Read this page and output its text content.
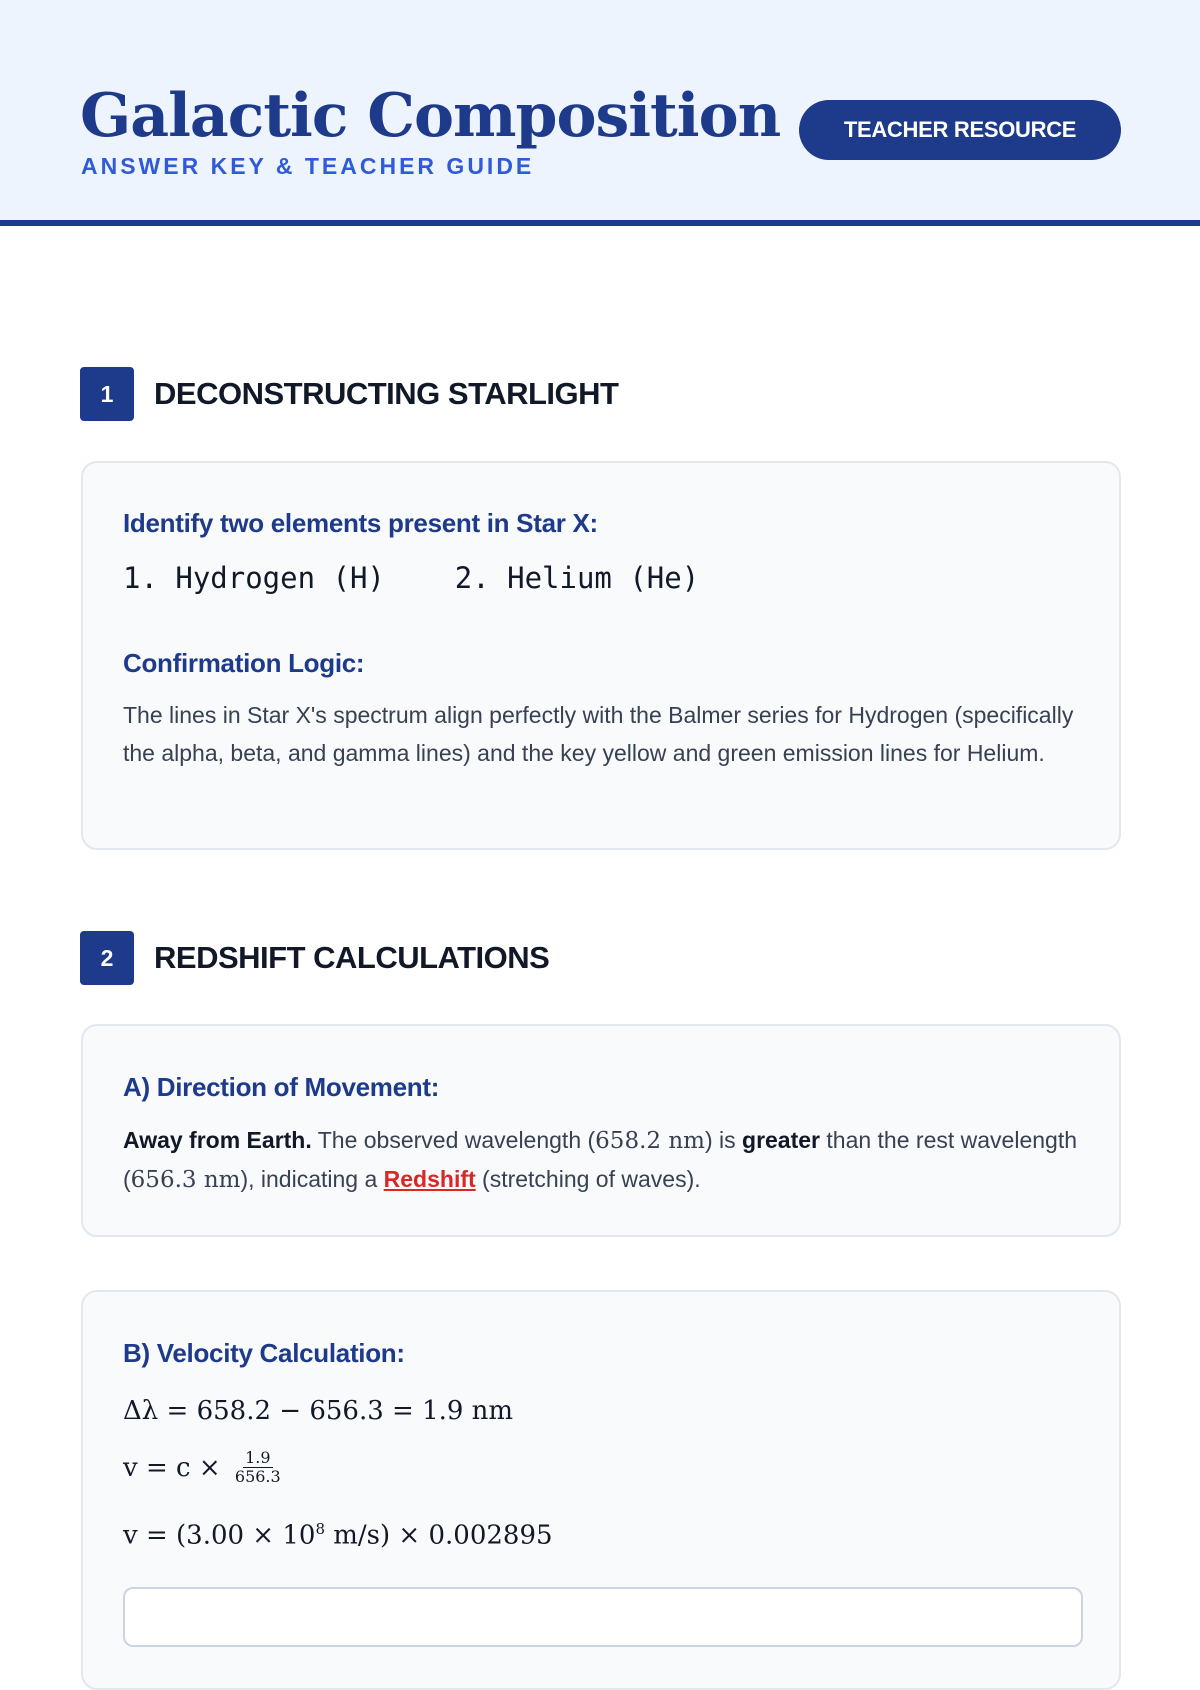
Galactic Composition
ANSWER KEY & TEACHER GUIDE
TEACHER RESOURCE
1	DECONSTRUCTING STARLIGHT

Identify two elements present in Star X:

1. Hydrogen (H) 2. Helium (He)

Confirmation Logic:

The lines in Star X's spectrum align perfectly with the Balmer series for Hydrogen (specifically the alpha, beta, and gamma lines) and the key yellow and green emission lines for Helium.

2	REDSHIFT CALCULATIONS

A) Direction of Movement:

Away from Earth. The observed wavelength (658.2 nm) is greater than the rest wavelength (656.3 nm), indicating a Redshift (stretching of waves).

B) Velocity Calculation:

Δλ = 658.2 − 656.3 = 1.9 nm
$v = c \times \frac{1.9}{656.3}$
$v = (3.00 \times 10^8$ m/s) × 0.002895
